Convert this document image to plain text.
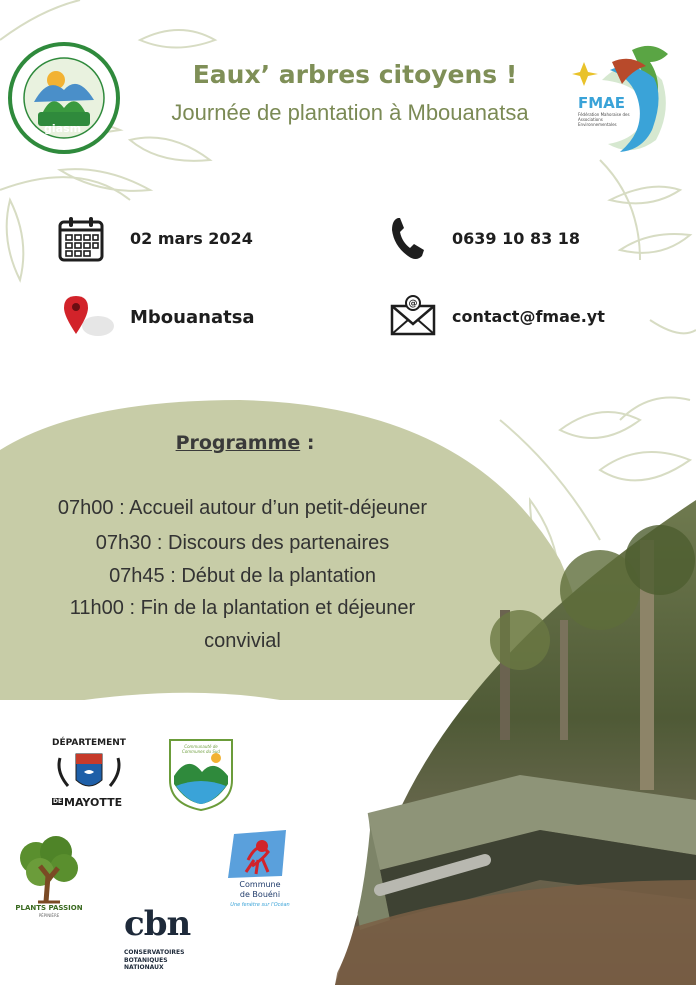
giasm
FMAE
Fédération Mahoraise des Associations Environnementales
Eaux’ arbres citoyens !
Journée de plantation à Mbouanatsa
02 mars 2024	0639 10 83 18
Mbouanatsa
@
contact@fmae.yt
Programme :
07h00 : Accueil autour d’un petit-déjeuner
07h30 : Discours des partenaires
07h45 : Début de la plantation
11h00 : Fin de la plantation et déjeuner
convivial
DÉPARTEMENT
DE MAYOTTE
Communauté de Communes du Sud
PLANTS PASSION
PÉPINIÈRE
Commune
de Bouéni
Une fenêtre sur l'Océan
cbn
CONSERVATOIRES
BOTANIQUES NATIONAUX
